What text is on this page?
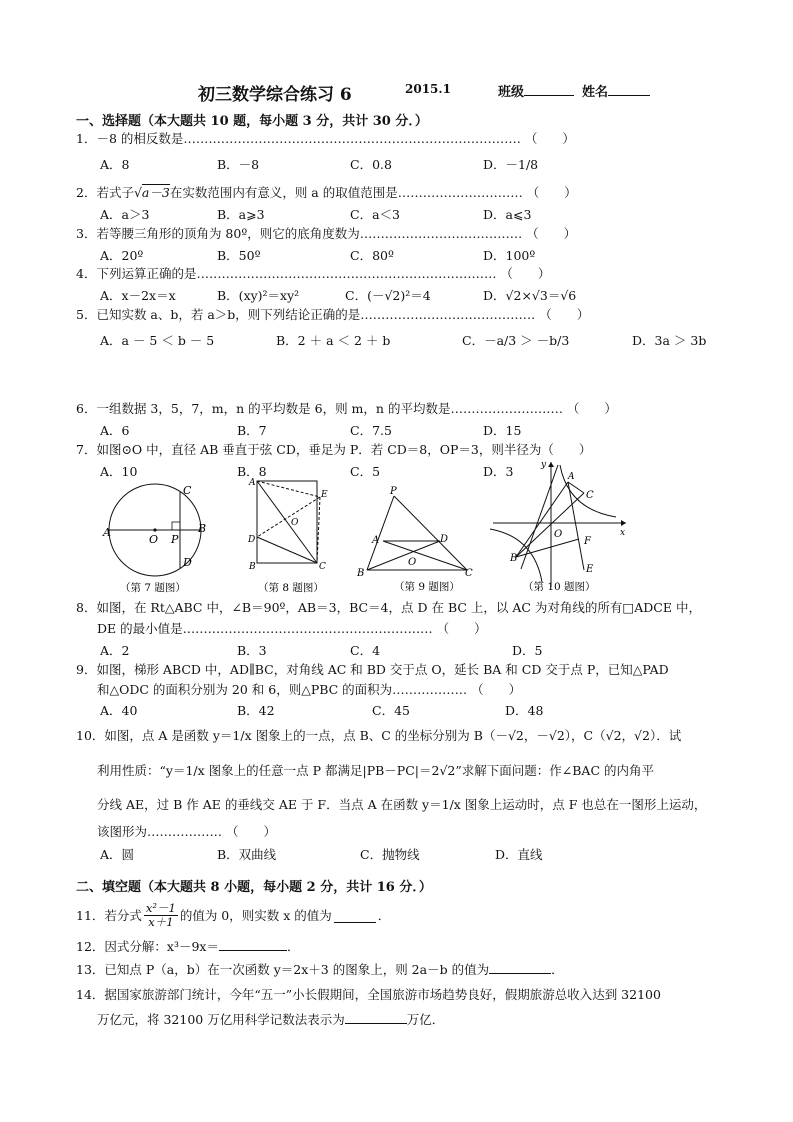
初三数学综合练习 6	2015.1	班级	姓名
一、选择题（本大题共 10 题，每小题 3 分，共计 30 分．）
1．－8 的相反数是……………………………………………………………………… （　　）
A．8	B．－8	C．0.8	D．－1/8
2．若式子√a－3在实数范围内有意义，则 a 的取值范围是………………………… （　　）
A．a＞3	B．a⩾3	C．a＜3	D．a⩽3
3．若等腰三角形的顶角为 80º，则它的底角度数为………………………………… （　　）
A．20º	B．50º	C．80º	D．100º
4．下列运算正确的是……………………………………………………………… （　　）
A．x－2x＝x	B．(xy)²＝xy²	C．(－√2)²＝4	D．√2×√3＝√6
5．已知实数 a、b，若 a＞b，则下列结论正确的是…………………………………… （　　）
A．a － 5 ＜ b － 5	B．2 ＋ a ＜ 2 ＋ b	C．－a/3 ＞ －b/3	D．3a ＞ 3b
6．一组数据 3，5，7，m，n 的平均数是 6，则 m，n 的平均数是……………………… （　　）
A．6	B．7	C．7.5	D．15
7．如图⊙O 中，直径 AB 垂直于弦 CD，垂足为 P．若 CD＝8，OP＝3，则半径为（　　）
A．10	B．8	C．5	D．3
A
O P
B
C
D
（第 7 题图）
A
E
O
D
B	C
（第 8 题图）
P
A	D
O
B	C
（第 9 题图）
y
A
C
O	x
F
B
E
（第 10 题图）
8．如图，在 Rt△ABC 中，∠B＝90º，AB＝3，BC＝4，点 D 在 BC 上，以 AC 为对角线的所有□ADCE 中，
DE 的最小值是…………………………………………………… （　　）
A．2	B．3	C．4	D．5
9．如图，梯形 ABCD 中，AD∥BC，对角线 AC 和 BD 交于点 O，延长 BA 和 CD 交于点 P，已知△PAD
和△ODC 的面积分别为 20 和 6，则△PBC 的面积为……………… （　　）
A．40	B．42	C．45	D．48
10．如图，点 A 是函数 y＝1/x 图象上的一点，点 B、C 的坐标分别为 B（－√2，－√2），C（√2，√2）．试
利用性质：“y＝1/x 图象上的任意一点 P 都满足|PB－PC|＝2√2”求解下面问题：作∠BAC 的内角平
分线 AE，过 B 作 AE 的垂线交 AE 于 F．当点 A 在函数 y＝1/x 图象上运动时，点 F 也总在一图形上运动，
该图形为……………… （　　）
A．圆	B．双曲线	C．抛物线	D．直线
二、填空题（本大题共 8 小题，每小题 2 分，共计 16 分．）
11．若分式 $\frac{\text{x²－1}}{x+1}$ 的值为 0，则实数 x 的值为	．
12．因式分解：x³－9x＝	．
13．已知点 P（a，b）在一次函数 y＝2x＋3 的图象上，则 2a－b 的值为	．
14．据国家旅游部门统计，今年“五一”小长假期间，全国旅游市场趋势良好，假期旅游总收入达到 32100
万亿元，将 32100 万亿用科学记数法表示为	万亿．
